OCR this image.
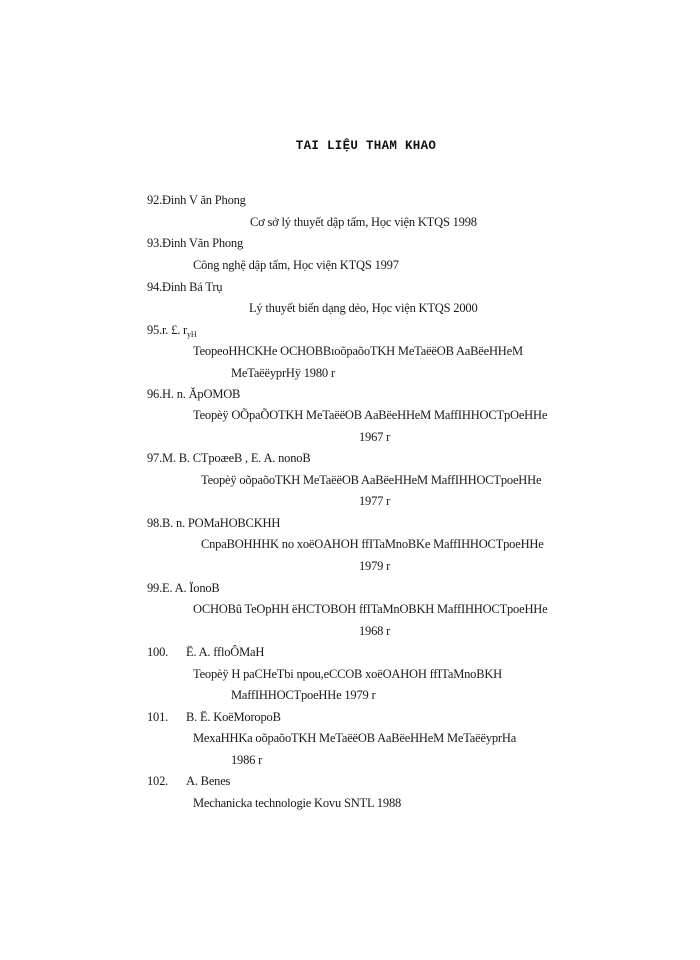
TAI LIỆU THAM KHAO
92.Đinh V ăn Phong
Cơ sở lý thuyết dập tấm, Học viện KTQS 1998
93.Đinh Văn Phong
Công nghệ dập tấm, Học viện KTQS 1997
94.Đinh Bá Trụ
Lý thuyết biến dạng dẻo, Học viện KTQS 2000
95.r. £. $r_{yH}$
TeopeoHHCKHe OCHOBBıoõpaõoTKH MeTaëëOB AaBëeHHeM
MeTaëëyprHÿ 1980 r
96.H. n. ĂpOMOB
Teopèÿ OÕpaÕOTKH MeTaëëOB AaBëeHHeM MaffIHHOCTpOeHHe
1967 r
97.M. B. CTpoæeB , E. A. nonoB
Teopèÿ oõpaõoTKH MeTaëëOB AaBëeHHeM MaffIHHOCTpoeHHe
1977 r
98.B. n. POMaHOBCKHH
CnpaBOHHHK no xoëOAHOH ffITaMnoBKe MaffIHHOCTpoeHHe
1979 r
99.E. A. ÏonoB
OCHOBû TeOpHH ëHCTOBOH ffITaMnOBKH MaffIHHOCTpoeHHe
1968 r
100. Ë. A. ffloÔMaH
Teopèÿ H paCHeTbi npou,eCCOB xoëOAHOH ffITaMnoBKH
MaffIHHOCTpoeHHe 1979 r
101. B. Ë. KoëMoropoB
MexaHHKa oõpaõoTKH MeTaëëOB AaBëeHHeM MeTaëëyprHa
1986 r
102. A. Benes
Mechanicka technologie Kovu SNTL 1988
